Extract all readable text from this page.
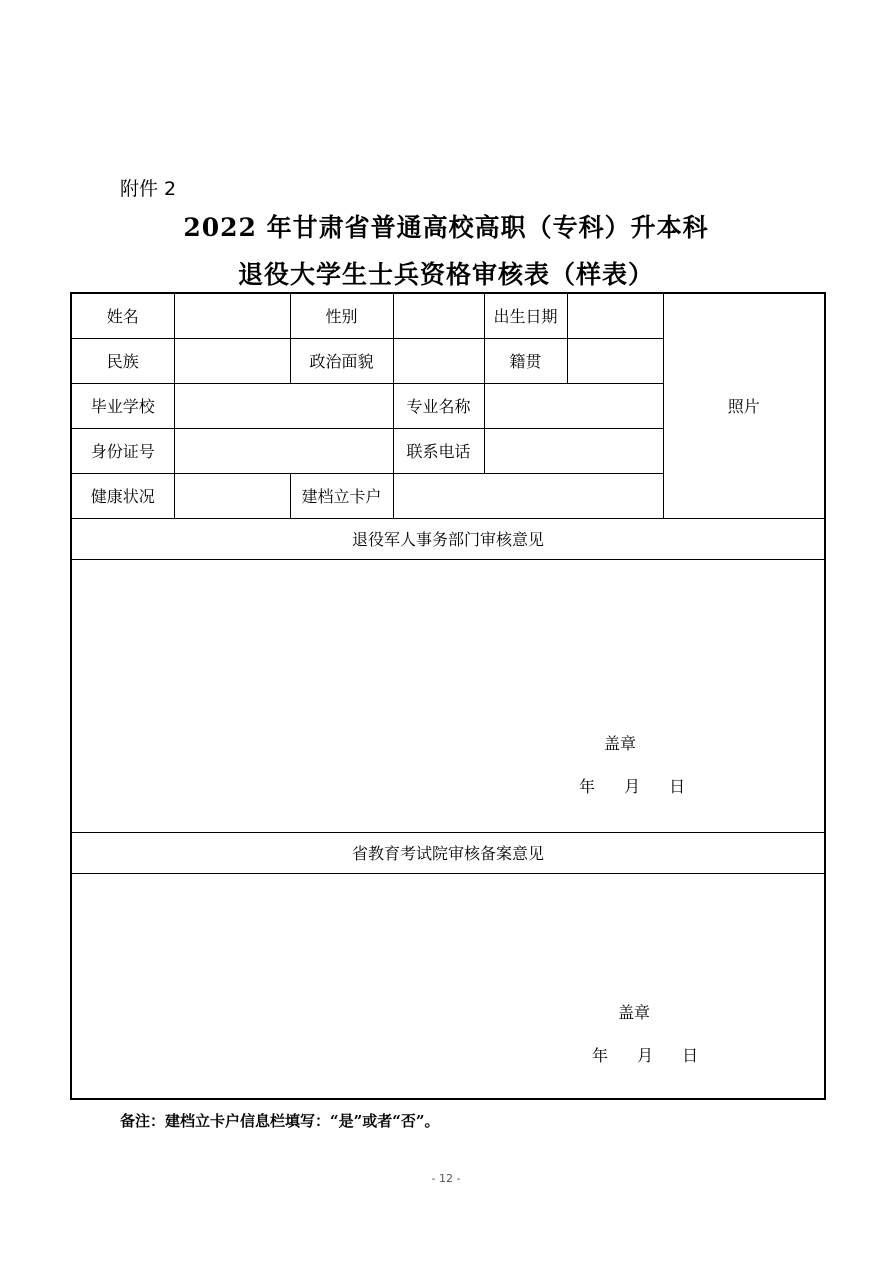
附件 2
2022 年甘肃省普通高校高职（专科）升本科
退役大学生士兵资格审核表（样表）
姓名		性别		出生日期		照片
民族		政治面貌		籍贯		
毕业学校			专业名称			
身份证号			联系电话			
健康状况		建档立卡户				
退役军人事务部门审核意见						

盖章
年 月 日						

省教育考试院审核备案意见						

盖章
年 月 日						
备注：建档立卡户信息栏填写：“是”或者“否”。
- 12 -
